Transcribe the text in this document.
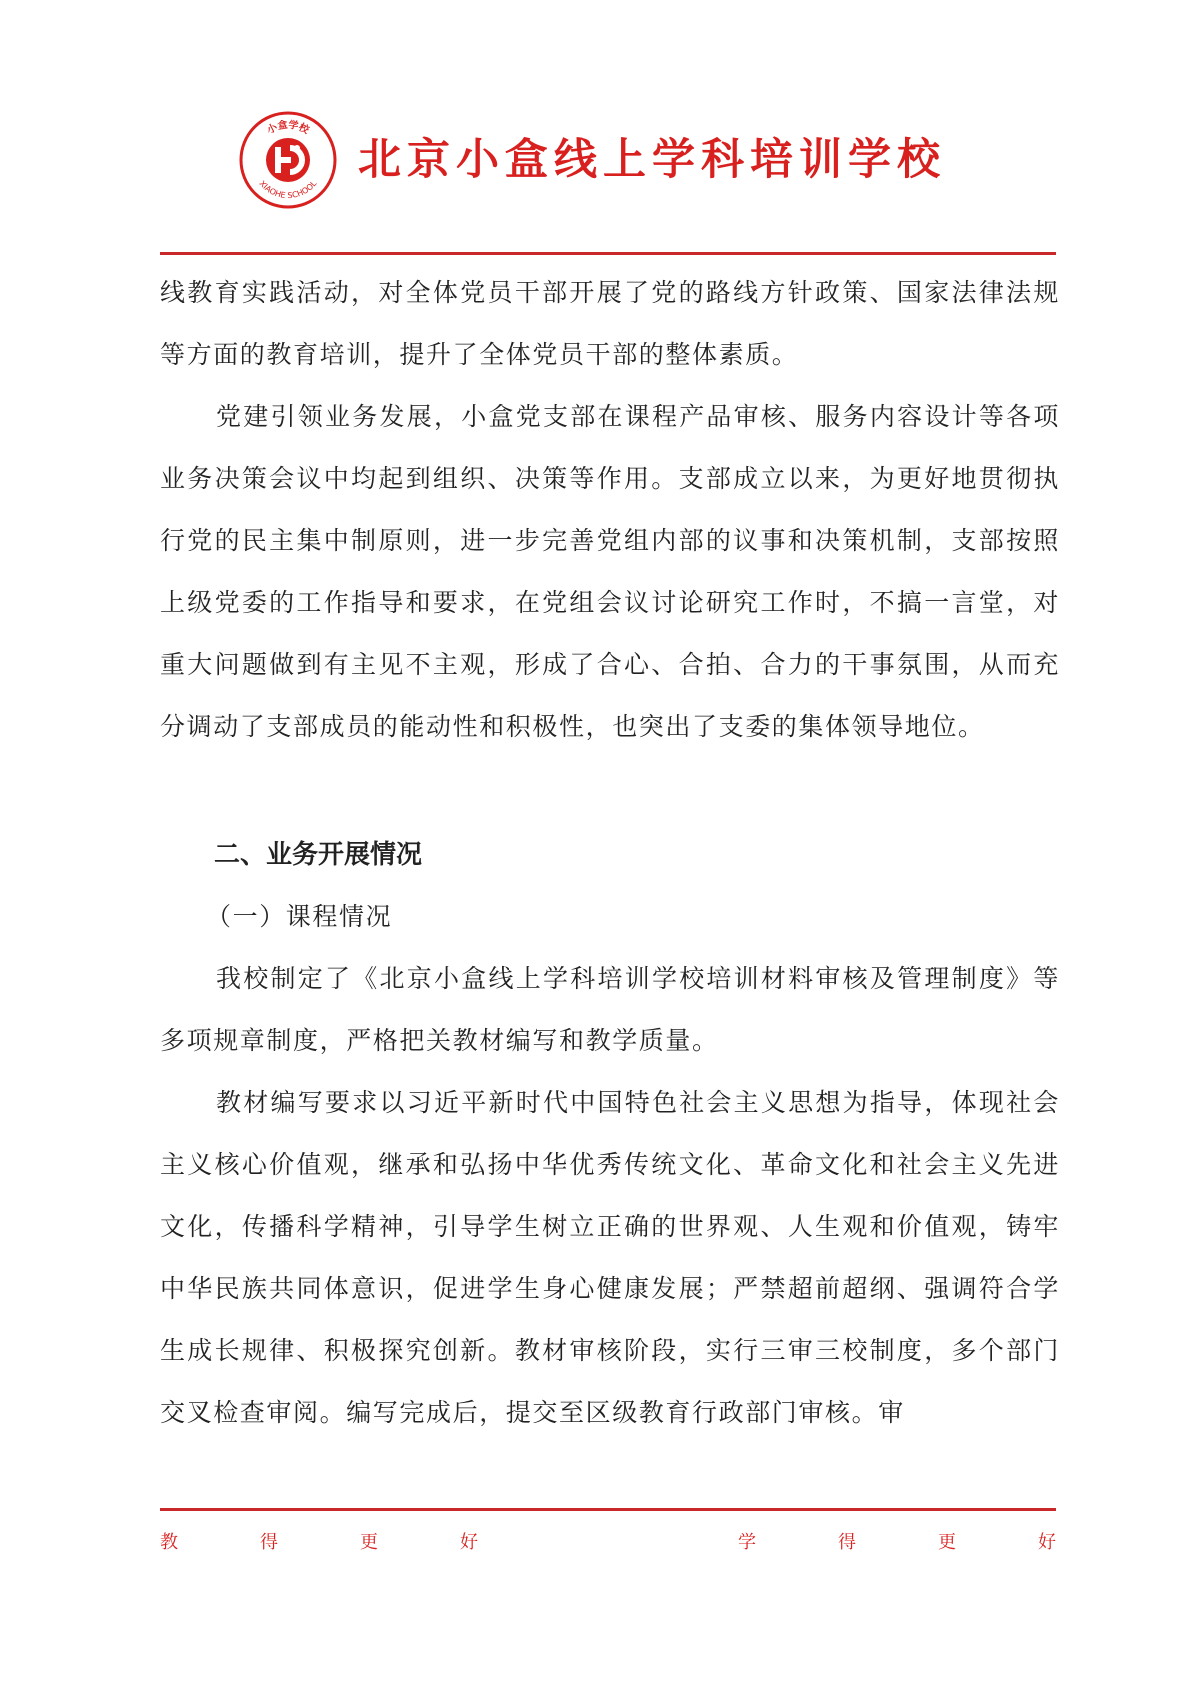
小盒学校
XIAOHE SCHOOL 北京小盒线上学科培训学校

线教育实践活动，对全体党员干部开展了党的路线方针政策、国家法律法规等方面的教育培训，提升了全体党员干部的整体素质。

党建引领业务发展，小盒党支部在课程产品审核、服务内容设计等各项业务决策会议中均起到组织、决策等作用。支部成立以来，为更好地贯彻执行党的民主集中制原则，进一步完善党组内部的议事和决策机制，支部按照上级党委的工作指导和要求，在党组会议讨论研究工作时，不搞一言堂，对重大问题做到有主见不主观，形成了合心、合拍、合力的干事氛围，从而充分调动了支部成员的能动性和积极性，也突出了支委的集体领导地位。

二、业务开展情况

（一）课程情况

我校制定了《北京小盒线上学科培训学校培训材料审核及管理制度》等多项规章制度，严格把关教材编写和教学质量。

教材编写要求以习近平新时代中国特色社会主义思想为指导，体现社会主义核心价值观，继承和弘扬中华优秀传统文化、革命文化和社会主义先进文化，传播科学精神，引导学生树立正确的世界观、人生观和价值观，铸牢中华民族共同体意识，促进学生身心健康发展；严禁超前超纲、强调符合学生成长规律、积极探究创新。教材审核阶段，实行三审三校制度，多个部门交叉检查审阅。编写完成后，提交至区级教育行政部门审核。审

教	得	更	好	学	得	更	好
